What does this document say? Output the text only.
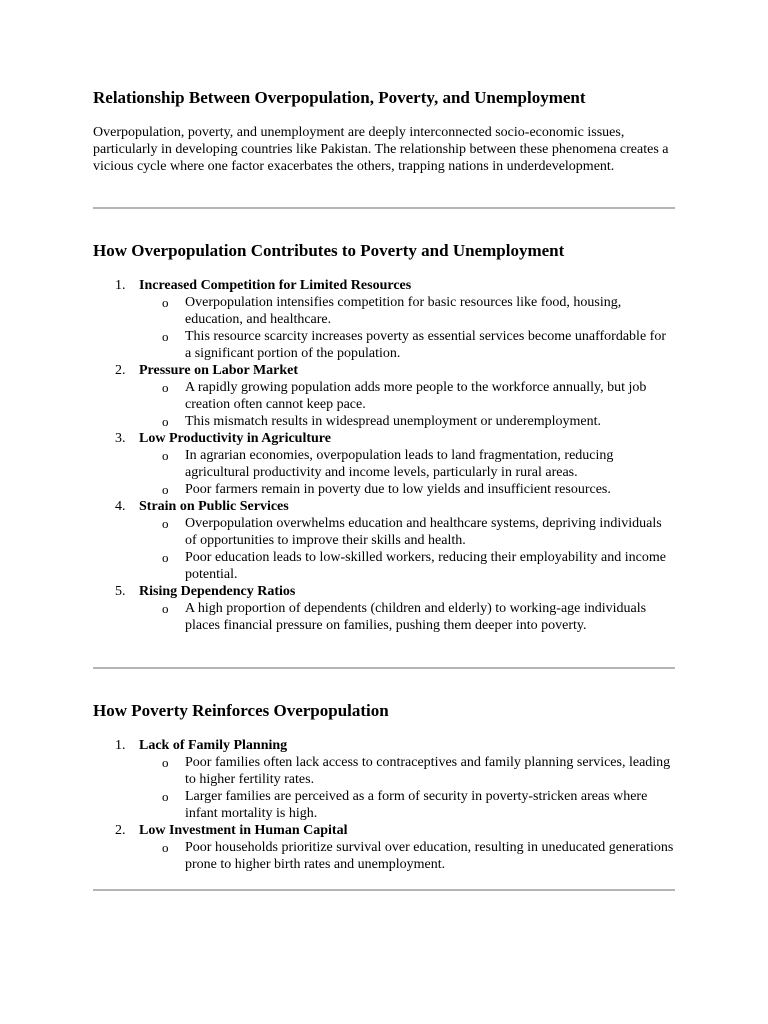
Relationship Between Overpopulation, Poverty, and Unemployment

Overpopulation, poverty, and unemployment are deeply interconnected socio-economic issues, particularly in developing countries like Pakistan. The relationship between these phenomena creates a vicious cycle where one factor exacerbates the others, trapping nations in underdevelopment.

How Overpopulation Contributes to Poverty and Unemployment
1. Increased Competition for Limited Resources
o Overpopulation intensifies competition for basic resources like food, housing, education, and healthcare.
o This resource scarcity increases poverty as essential services become unaffordable for a significant portion of the population.
2. Pressure on Labor Market
o A rapidly growing population adds more people to the workforce annually, but job creation often cannot keep pace.
o This mismatch results in widespread unemployment or underemployment.
3. Low Productivity in Agriculture
o In agrarian economies, overpopulation leads to land fragmentation, reducing agricultural productivity and income levels, particularly in rural areas.
o Poor farmers remain in poverty due to low yields and insufficient resources.
4. Strain on Public Services
o Overpopulation overwhelms education and healthcare systems, depriving individuals of opportunities to improve their skills and health.
o Poor education leads to low-skilled workers, reducing their employability and income potential.
5. Rising Dependency Ratios
o A high proportion of dependents (children and elderly) to working-age individuals places financial pressure on families, pushing them deeper into poverty.
How Poverty Reinforces Overpopulation
1. Lack of Family Planning
o Poor families often lack access to contraceptives and family planning services, leading to higher fertility rates.
o Larger families are perceived as a form of security in poverty-stricken areas where infant mortality is high.
2. Low Investment in Human Capital
o Poor households prioritize survival over education, resulting in uneducated generations prone to higher birth rates and unemployment.
